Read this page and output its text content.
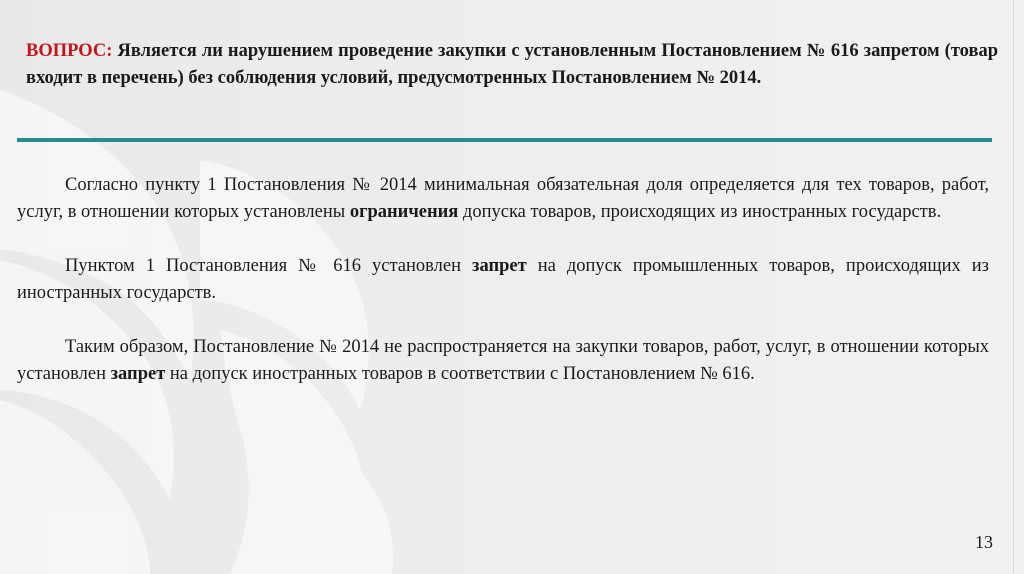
ВОПРОС: Является ли нарушением проведение закупки с установленным Постановлением № 616 запретом (товар входит в перечень) без соблюдения условий, предусмотренных Постановлением № 2014.

Согласно пункту 1 Постановления № 2014 минимальная обязательная доля определяется для тех товаров, работ, услуг, в отношении которых установлены ограничения допуска товаров, происходящих из иностранных государств.

Пунктом 1 Постановления № 616 установлен запрет на допуск промышленных товаров, происходящих из иностранных государств.

Таким образом, Постановление № 2014 не распространяется на закупки товаров, работ, услуг, в отношении которых установлен запрет на допуск иностранных товаров в соответствии с Постановлением № 616.

13
